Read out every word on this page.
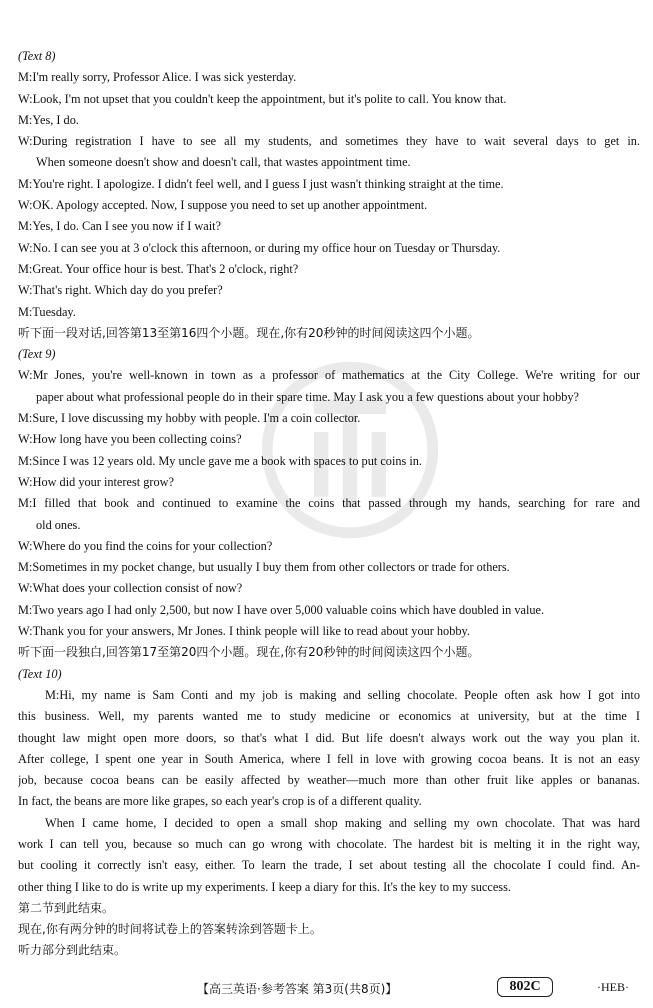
(Text 8)
M:I'm really sorry, Professor Alice. I was sick yesterday.
W:Look, I'm not upset that you couldn't keep the appointment, but it's polite to call. You know that.
M:Yes, I do.
W:During registration I have to see all my students, and sometimes they have to wait several days to get in.
When someone doesn't show and doesn't call, that wastes appointment time.
M:You're right. I apologize. I didn't feel well, and I guess I just wasn't thinking straight at the time.
W:OK. Apology accepted. Now, I suppose you need to set up another appointment.
M:Yes, I do. Can I see you now if I wait?
W:No. I can see you at 3 o'clock this afternoon, or during my office hour on Tuesday or Thursday.
M:Great. Your office hour is best. That's 2 o'clock, right?
W:That's right. Which day do you prefer?
M:Tuesday.
听下面一段对话,回答第13至第16四个小题。现在,你有20秒钟的时间阅读这四个小题。
(Text 9)
W:Mr Jones, you're well-known in town as a professor of mathematics at the City College. We're writing for our
paper about what professional people do in their spare time. May I ask you a few questions about your hobby?
M:Sure, I love discussing my hobby with people. I'm a coin collector.
W:How long have you been collecting coins?
M:Since I was 12 years old. My uncle gave me a book with spaces to put coins in.
W:How did your interest grow?
M:I filled that book and continued to examine the coins that passed through my hands, searching for rare and
old ones.
W:Where do you find the coins for your collection?
M:Sometimes in my pocket change, but usually I buy them from other collectors or trade for others.
W:What does your collection consist of now?
M:Two years ago I had only 2,500, but now I have over 5,000 valuable coins which have doubled in value.
W:Thank you for your answers, Mr Jones. I think people will like to read about your hobby.
听下面一段独白,回答第17至第20四个小题。现在,你有20秒钟的时间阅读这四个小题。
(Text 10)
M:Hi, my name is Sam Conti and my job is making and selling chocolate. People often ask how I got into
this business. Well, my parents wanted me to study medicine or economics at university, but at the time I
thought law might open more doors, so that's what I did. But life doesn't always work out the way you plan it.
After college, I spent one year in South America, where I fell in love with growing cocoa beans. It is not an easy
job, because cocoa beans can be easily affected by weather—much more than other fruit like apples or bananas.
In fact, the beans are more like grapes, so each year's crop is of a different quality.
When I came home, I decided to open a small shop making and selling my own chocolate. That was hard
work I can tell you, because so much can go wrong with chocolate. The hardest bit is melting it in the right way,
but cooling it correctly isn't easy, either. To learn the trade, I set about testing all the chocolate I could find. An-
other thing I like to do is write up my experiments. I keep a diary for this. It's the key to my success.
第二节到此结束。
现在,你有两分钟的时间将试卷上的答案转涂到答题卡上。
听力部分到此结束。
【高三英语·参考答案 第3页(共8页)】	802C	·HEB·
